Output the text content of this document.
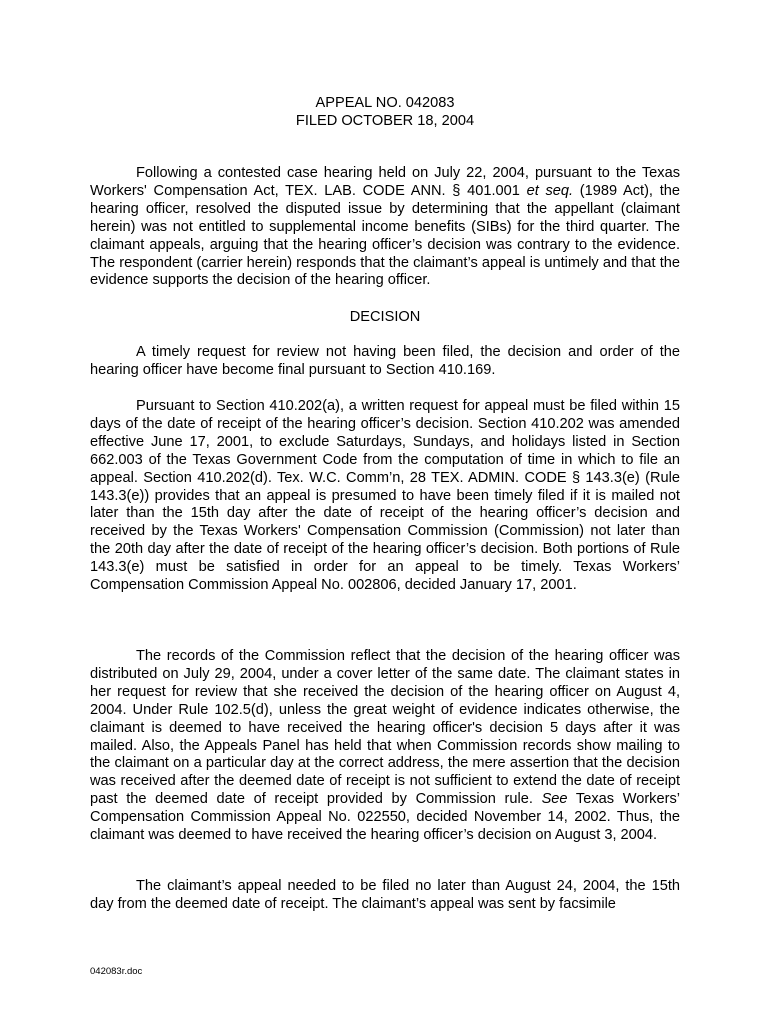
APPEAL NO. 042083

FILED OCTOBER 18, 2004

Following a contested case hearing held on July 22, 2004, pursuant to the Texas Workers' Compensation Act, TEX. LAB. CODE ANN. § 401.001 et seq. (1989 Act), the hearing officer, resolved the disputed issue by determining that the appellant (claimant herein) was not entitled to supplemental income benefits (SIBs) for the third quarter. The claimant appeals, arguing that the hearing officer’s decision was contrary to the evidence. The respondent (carrier herein) responds that the claimant’s appeal is untimely and that the evidence supports the decision of the hearing officer.

DECISION

A timely request for review not having been filed, the decision and order of the hearing officer have become final pursuant to Section 410.169.

Pursuant to Section 410.202(a), a written request for appeal must be filed within 15 days of the date of receipt of the hearing officer’s decision. Section 410.202 was amended effective June 17, 2001, to exclude Saturdays, Sundays, and holidays listed in Section 662.003 of the Texas Government Code from the computation of time in which to file an appeal. Section 410.202(d). Tex. W.C. Comm’n, 28 TEX. ADMIN. CODE § 143.3(e) (Rule 143.3(e)) provides that an appeal is presumed to have been timely filed if it is mailed not later than the 15th day after the date of receipt of the hearing officer’s decision and received by the Texas Workers' Compensation Commission (Commission) not later than the 20th day after the date of receipt of the hearing officer’s decision. Both portions of Rule 143.3(e) must be satisfied in order for an appeal to be timely. Texas Workers’ Compensation Commission Appeal No. 002806, decided January 17, 2001.

The records of the Commission reflect that the decision of the hearing officer was distributed on July 29, 2004, under a cover letter of the same date. The claimant states in her request for review that she received the decision of the hearing officer on August 4, 2004. Under Rule 102.5(d), unless the great weight of evidence indicates otherwise, the claimant is deemed to have received the hearing officer's decision 5 days after it was mailed. Also, the Appeals Panel has held that when Commission records show mailing to the claimant on a particular day at the correct address, the mere assertion that the decision was received after the deemed date of receipt is not sufficient to extend the date of receipt past the deemed date of receipt provided by Commission rule. See Texas Workers’ Compensation Commission Appeal No. 022550, decided November 14, 2002. Thus, the claimant was deemed to have received the hearing officer’s decision on August 3, 2004.

The claimant’s appeal needed to be filed no later than August 24, 2004, the 15th day from the deemed date of receipt. The claimant’s appeal was sent by facsimile

042083r.doc
